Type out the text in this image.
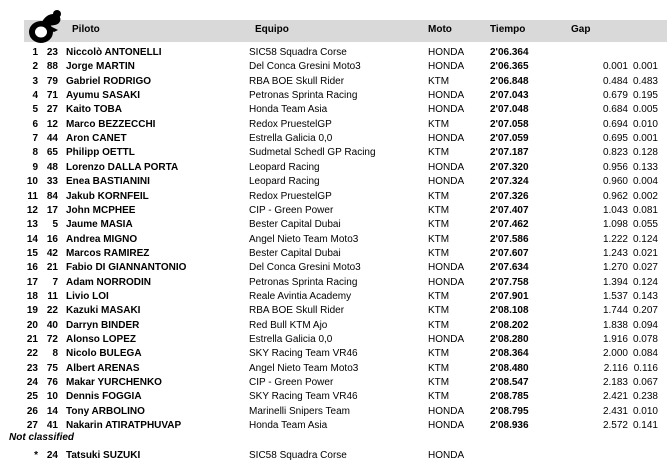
Piloto	Equipo	Moto	Tiempo	Gap
1 23 Niccolò ANTONELLI	SIC58 Squadra Corse	HONDA	2'06.364
2 88 Jorge MARTIN	Del Conca Gresini Moto3	HONDA	2'06.365	0.001 0.001
3 79 Gabriel RODRIGO	RBA BOE Skull Rider	KTM	2'06.848	0.484 0.483
4 71 Ayumu SASAKI	Petronas Sprinta Racing	HONDA	2'07.043	0.679 0.195
5 27 Kaito TOBA	Honda Team Asia	HONDA	2'07.048	0.684 0.005
6 12 Marco BEZZECCHI	Redox PruestelGP	KTM	2'07.058	0.694 0.010
7 44 Aron CANET	Estrella Galicia 0,0	HONDA	2'07.059	0.695 0.001
8 65 Philipp OETTL	Sudmetal Schedl GP Racing	KTM	2'07.187	0.823 0.128
9 48 Lorenzo DALLA PORTA	Leopard Racing	HONDA	2'07.320	0.956 0.133
10 33 Enea BASTIANINI	Leopard Racing	HONDA	2'07.324	0.960 0.004
11 84 Jakub KORNFEIL	Redox PruestelGP	KTM	2'07.326	0.962 0.002
12 17 John MCPHEE	CIP - Green Power	KTM	2'07.407	1.043 0.081
13	5 Jaume MASIA	Bester Capital Dubai	KTM	2'07.462	1.098 0.055
14 16 Andrea MIGNO	Angel Nieto Team Moto3	KTM	2'07.586	1.222 0.124
15 42 Marcos RAMIREZ	Bester Capital Dubai	KTM	2'07.607	1.243 0.021
16 21 Fabio DI GIANNANTONIO	Del Conca Gresini Moto3	HONDA	2'07.634	1.270 0.027
17	7 Adam NORRODIN	Petronas Sprinta Racing	HONDA	2'07.758	1.394 0.124
18 11 Livio LOI	Reale Avintia Academy	KTM	2'07.901	1.537 0.143
19 22 Kazuki MASAKI	RBA BOE Skull Rider	KTM	2'08.108	1.744 0.207
20 40 Darryn BINDER	Red Bull KTM Ajo	KTM	2'08.202	1.838 0.094
21 72 Alonso LOPEZ	Estrella Galicia 0,0	HONDA	2'08.280	1.916 0.078
22	8 Nicolo BULEGA	SKY Racing Team VR46	KTM	2'08.364	2.000 0.084
23 75 Albert ARENAS	Angel Nieto Team Moto3	KTM	2'08.480	2.116 0.116
24 76 Makar YURCHENKO	CIP - Green Power	KTM	2'08.547	2.183 0.067
25 10 Dennis FOGGIA	SKY Racing Team VR46	KTM	2'08.785	2.421 0.238
26 14 Tony ARBOLINO	Marinelli Snipers Team	HONDA	2'08.795	2.431 0.010
27 41 Nakarin ATIRATPHUVAP	Honda Team Asia	HONDA	2'08.936	2.572 0.141
Not classified
* 24 Tatsuki SUZUKI	SIC58 Squadra Corse	HONDA
